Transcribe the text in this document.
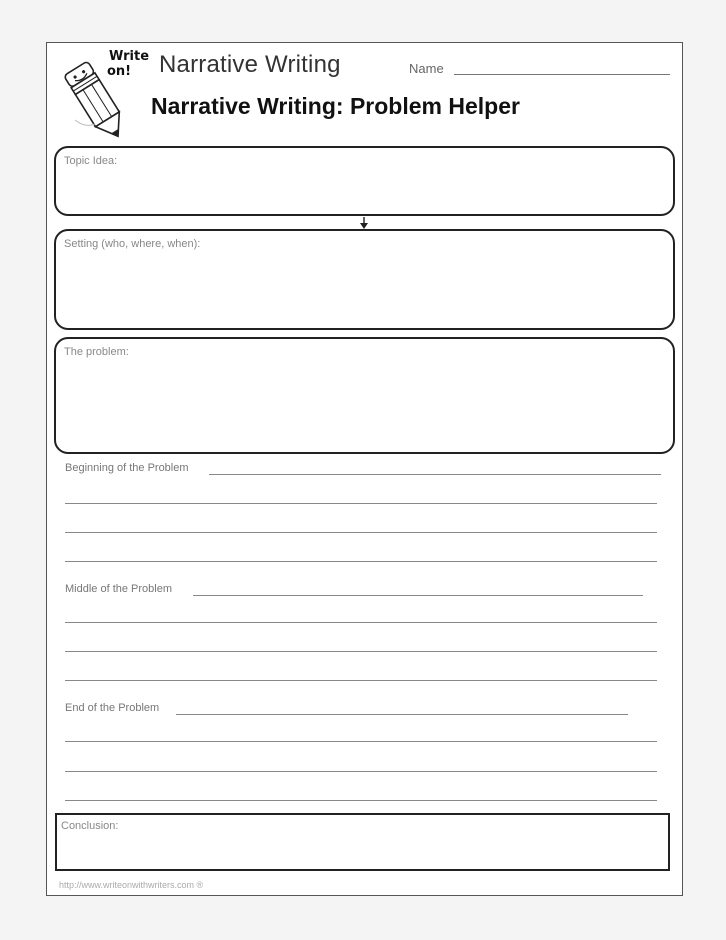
Write
on!	Narrative Writing	Name
Narrative Writing: Problem Helper
Topic Idea:
Setting (who, where, when):
The problem:
Beginning of the Problem
Middle of the Problem
End of the Problem
Conclusion:
http://www.writeonwithwriters.com ®
